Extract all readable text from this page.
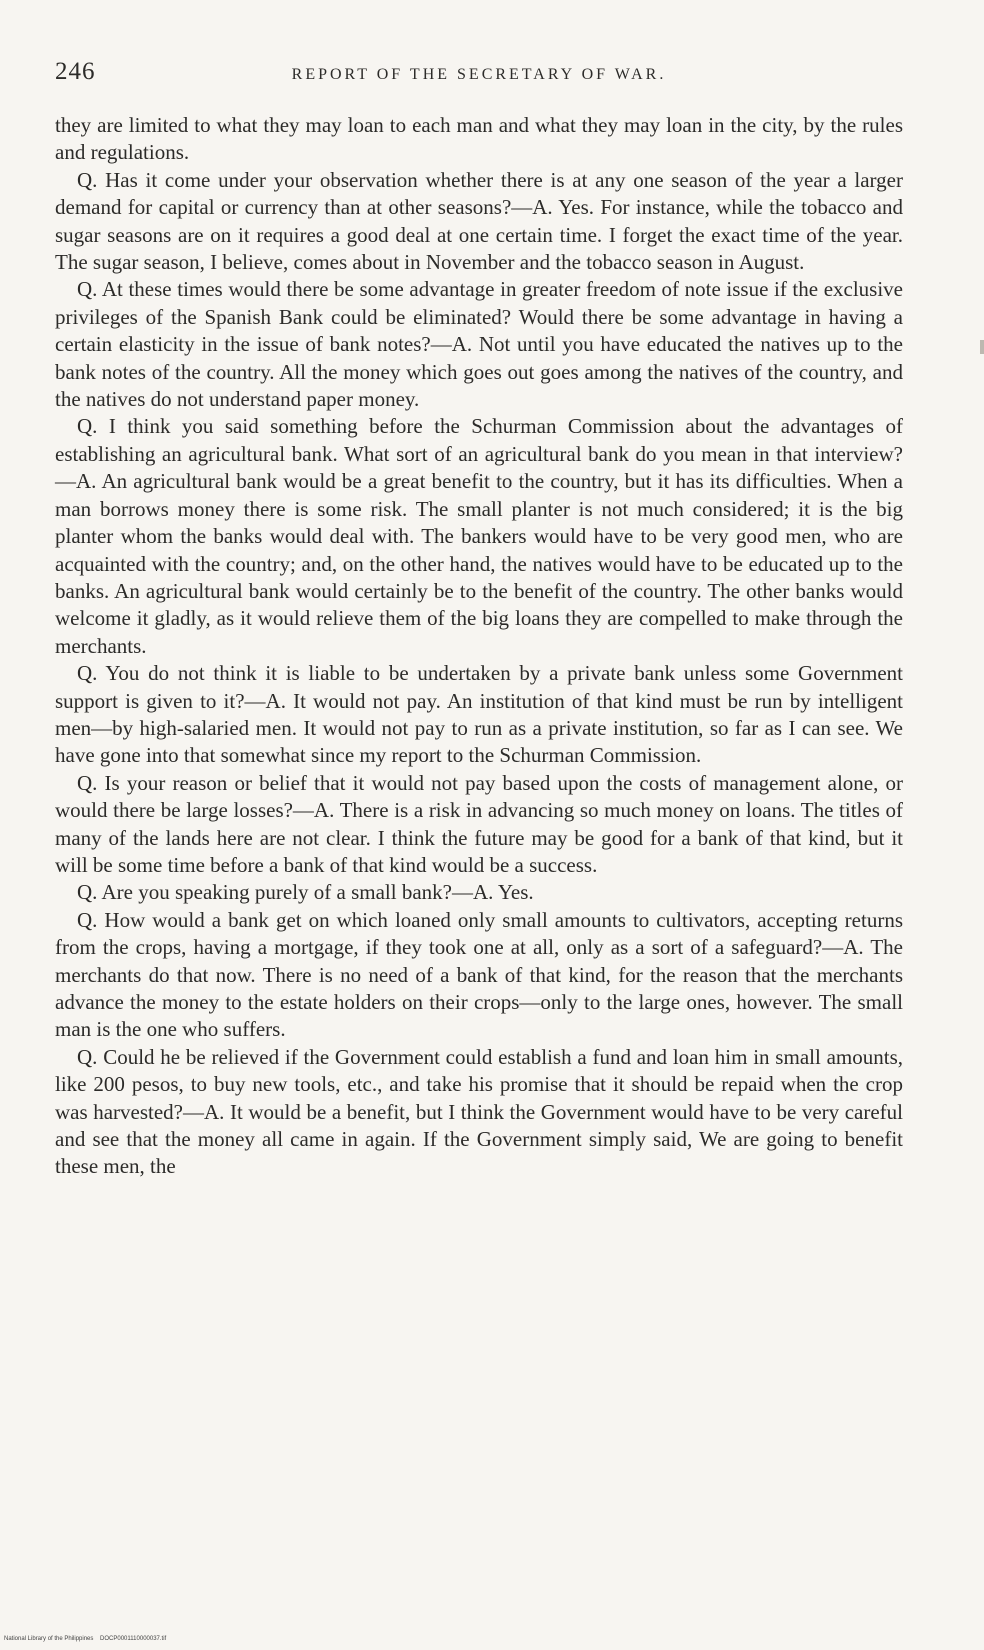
246	REPORT OF THE SECRETARY OF WAR.

they are limited to what they may loan to each man and what they may loan in the city, by the rules and regulations.

Q. Has it come under your observation whether there is at any one season of the year a larger demand for capital or currency than at other seasons?—A. Yes. For instance, while the tobacco and sugar seasons are on it requires a good deal at one certain time. I forget the exact time of the year. The sugar season, I believe, comes about in November and the tobacco season in August.

Q. At these times would there be some advantage in greater freedom of note issue if the exclusive privileges of the Spanish Bank could be eliminated? Would there be some advantage in having a certain elasticity in the issue of bank notes?—A. Not until you have educated the natives up to the bank notes of the country. All the money which goes out goes among the natives of the country, and the natives do not understand paper money.

Q. I think you said something before the Schurman Commission about the advantages of establishing an agricultural bank. What sort of an agricultural bank do you mean in that interview?—A. An agricultural bank would be a great benefit to the country, but it has its difficulties. When a man borrows money there is some risk. The small planter is not much considered; it is the big planter whom the banks would deal with. The bankers would have to be very good men, who are acquainted with the country; and, on the other hand, the natives would have to be educated up to the banks. An agricultural bank would certainly be to the benefit of the country. The other banks would welcome it gladly, as it would relieve them of the big loans they are compelled to make through the merchants.

Q. You do not think it is liable to be undertaken by a private bank unless some Government support is given to it?—A. It would not pay. An institution of that kind must be run by intelligent men—by high-salaried men. It would not pay to run as a private institution, so far as I can see. We have gone into that somewhat since my report to the Schurman Commission.

Q. Is your reason or belief that it would not pay based upon the costs of management alone, or would there be large losses?—A. There is a risk in advancing so much money on loans. The titles of many of the lands here are not clear. I think the future may be good for a bank of that kind, but it will be some time before a bank of that kind would be a success.

Q. Are you speaking purely of a small bank?—A. Yes.

Q. How would a bank get on which loaned only small amounts to cultivators, accepting returns from the crops, having a mortgage, if they took one at all, only as a sort of a safeguard?—A. The merchants do that now. There is no need of a bank of that kind, for the reason that the merchants advance the money to the estate holders on their crops—only to the large ones, however. The small man is the one who suffers.

Q. Could he be relieved if the Government could establish a fund and loan him in small amounts, like 200 pesos, to buy new tools, etc., and take his promise that it should be repaid when the crop was harvested?—A. It would be a benefit, but I think the Government would have to be very careful and see that the money all came in again. If the Government simply said, We are going to benefit these men, the

National Library of the Philippines    DOCP0001110000037.tif
